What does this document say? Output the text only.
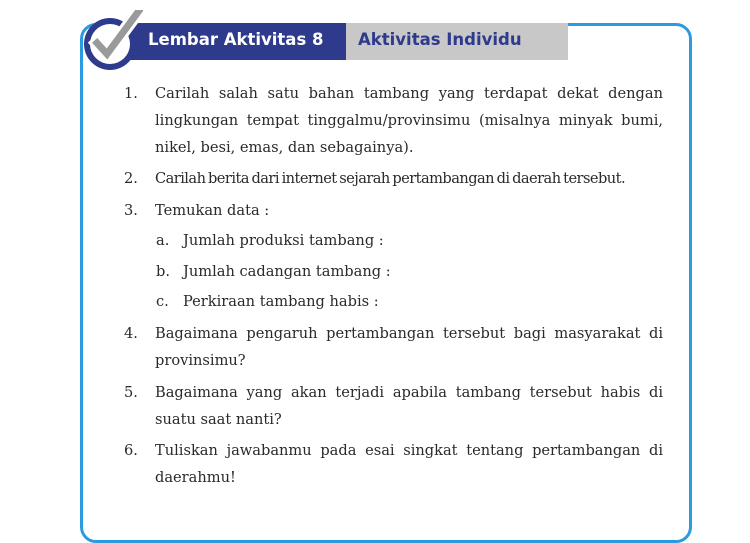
Lembar Aktivitas 8 Aktivitas Individu
1.	Carilah salah satu bahan tambang yang terdapat dekat dengan
lingkungan tempat tinggalmu/provinsimu (misalnya minyak bumi,
nikel, besi, emas, dan sebagainya).
2.	Carilah berita dari internet sejarah pertambangan di daerah tersebut.
3.	Temukan data :
a. Jumlah produksi tambang :
b. Jumlah cadangan tambang :
c. Perkiraan tambang habis :
4.	Bagaimana pengaruh pertambangan tersebut bagi masyarakat di
provinsimu?
5.	Bagaimana yang akan terjadi apabila tambang tersebut habis di
suatu saat nanti?
6.	Tuliskan jawabanmu pada esai singkat tentang pertambangan di
daerahmu!
